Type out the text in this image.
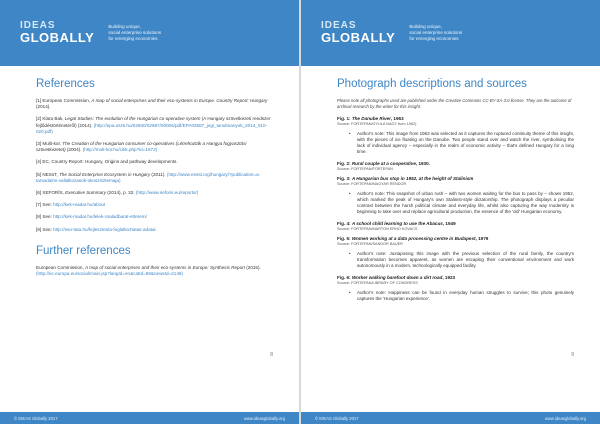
IDEAS
GLOBALLY
Building unique,
social enterprise solutions
for emerging economies
References
[1] European Commission, A map of social enterprises and their eco-systems in Europe. Country Report: Hungary (2014).
[2] Klara Bak, Legal Studies: The evolution of the Hungarian co-operative system (A Hungary szövetkezeti rendszer fejlődéstörténetéről) (2014). (http://epa.oszk.hu/02600/02687/00006/pdf/EPA02687_jogi_tanulmanyok_2014_010-020.pdf)
[3] Mulit-kor, The Creation of the Hungarian consumer co-operatives (Létrehozták a Hangya fogyasztási szövetkezetet) (2004). (http://mult-kor.hu/cikk.php?id=1572)
[4] EC, Country Report: Hungary, Origins and pathway developments.
[5] NESsT, The Social Enterprise Ecosystem in Hungary (2011). (http://www.nesst.org/hungary/?publication=a-tarsadalmi-vallalkozasok-okoszisztemaja)
[6] SEFORÏS, Executive Summary (2014), p. 32. (http://www.seforis.eu/reports/)
[7] See: http://kek-madar.hu/about
[8] See: http://kek-madar.hu/lelek-csaladbarat-etterem/
[9] See: http://eso-tata.hu/fejlesztes/a-foglalkoztatas-adatai
Further references
European Commission, A map of social enterprises and their eco-systems in Europe: Synthesis Report (2015). (http://ec.europa.eu/social/main.jsp?langId=en&catId=89&newsId=2149)
8
© IDEAS Globally 2017	www.ideasglobally.org
IDEAS
GLOBALLY
Building unique,
social enterprise solutions
for emerging economies
Photograph descriptions and sources

Please note all photographs used are published under the Creative Commons CC-BY-SA-3.0 license. They are the outcome of archival research by the writer for this insight.

Fig. 1: The Danube River, 1963
Source: FORTEPAN/GYULA NAGY from 1962)
•	Author's note: This image from 1963 was selected as it captures the ruptured continuity theme of this insight, with the pieces of ice floating on the Danube. Two people stand over and watch the river, symbolising the lack of individual agency – especially in the realm of economic activity – that's defined Hungary for a long time.
Fig. 2: Rural couple at a cooperative, 1930.
Source: FORTEPAN/FORTEPAN
Fig. 3: A Hungarian bus stop in 1952, at the height of Stalinism
Source: FORTEPAN/MAGYAR RENDOR
•	Author's note: This snapshot of urban rush – with two women waiting for the bus to pass by – shows 1952, which marked the peak of Hungary's own Stalinist-style dictatorship. The photograph displays a peculiar contrast between the harsh political climate and everyday life, whilst also capturing the way modernity is beginning to take over and replace agricultural production, the essence of the 'old' Hungarian economy.
Fig. 4: A school child learning to use the Abacus, 1949
Source: FORTEPAN/MARTON ERNO KOVACS
Fig. 5: Women working at a data processing centre in Budapest, 1979
Source: FORTEPAN/SANDOR BAUER
•	Author's note: Juxtaposing this image with the previous selection of the rural family, the country's transformation becomes apparent, as women are escaping their conventional environment and work autonomously in a modern, technologically equipped facility.
Fig. 6: Worker walking barefoot down a dirt road, 1923
Source: FORTEPAN/LIBRARY OF CONGRESS
•	Author's note: Happiness can be found in everyday human struggles to survive; this photo genuinely captures the 'Hungarian experience'.
9
© IDEAS Globally 2017	www.ideasglobally.org
